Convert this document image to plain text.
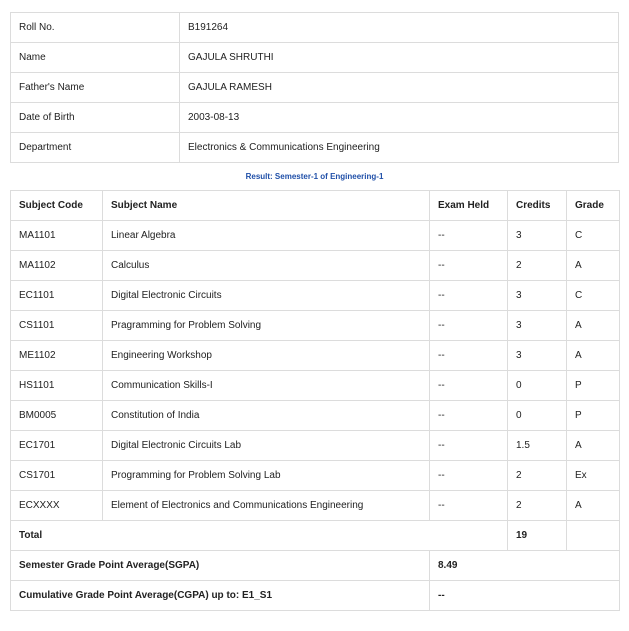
Roll No.	B191264
Name	GAJULA SHRUTHI
Father's Name	GAJULA RAMESH
Date of Birth	2003-08-13
Department	Electronics & Communications Engineering
Result: Semester-1 of Engineering-1
Subject Code	Subject Name	Exam Held	Credits	Grade
MA1101	Linear Algebra	--	3	C
MA1102	Calculus	--	2	A
EC1101	Digital Electronic Circuits	--	3	C
CS1101	Pragramming for Problem Solving	--	3	A
ME1102	Engineering Workshop	--	3	A
HS1101	Communication Skills-I	--	0	P
BM0005	Constitution of India	--	0	P
EC1701	Digital Electronic Circuits Lab	--	1.5	A
CS1701	Programming for Problem Solving Lab	--	2	Ex
ECXXXX	Element of Electronics and Communications Engineering	--	2	A
Total			19	
Semester Grade Point Average(SGPA)		8.49		
Cumulative Grade Point Average(CGPA) up to: E1_S1		--		
